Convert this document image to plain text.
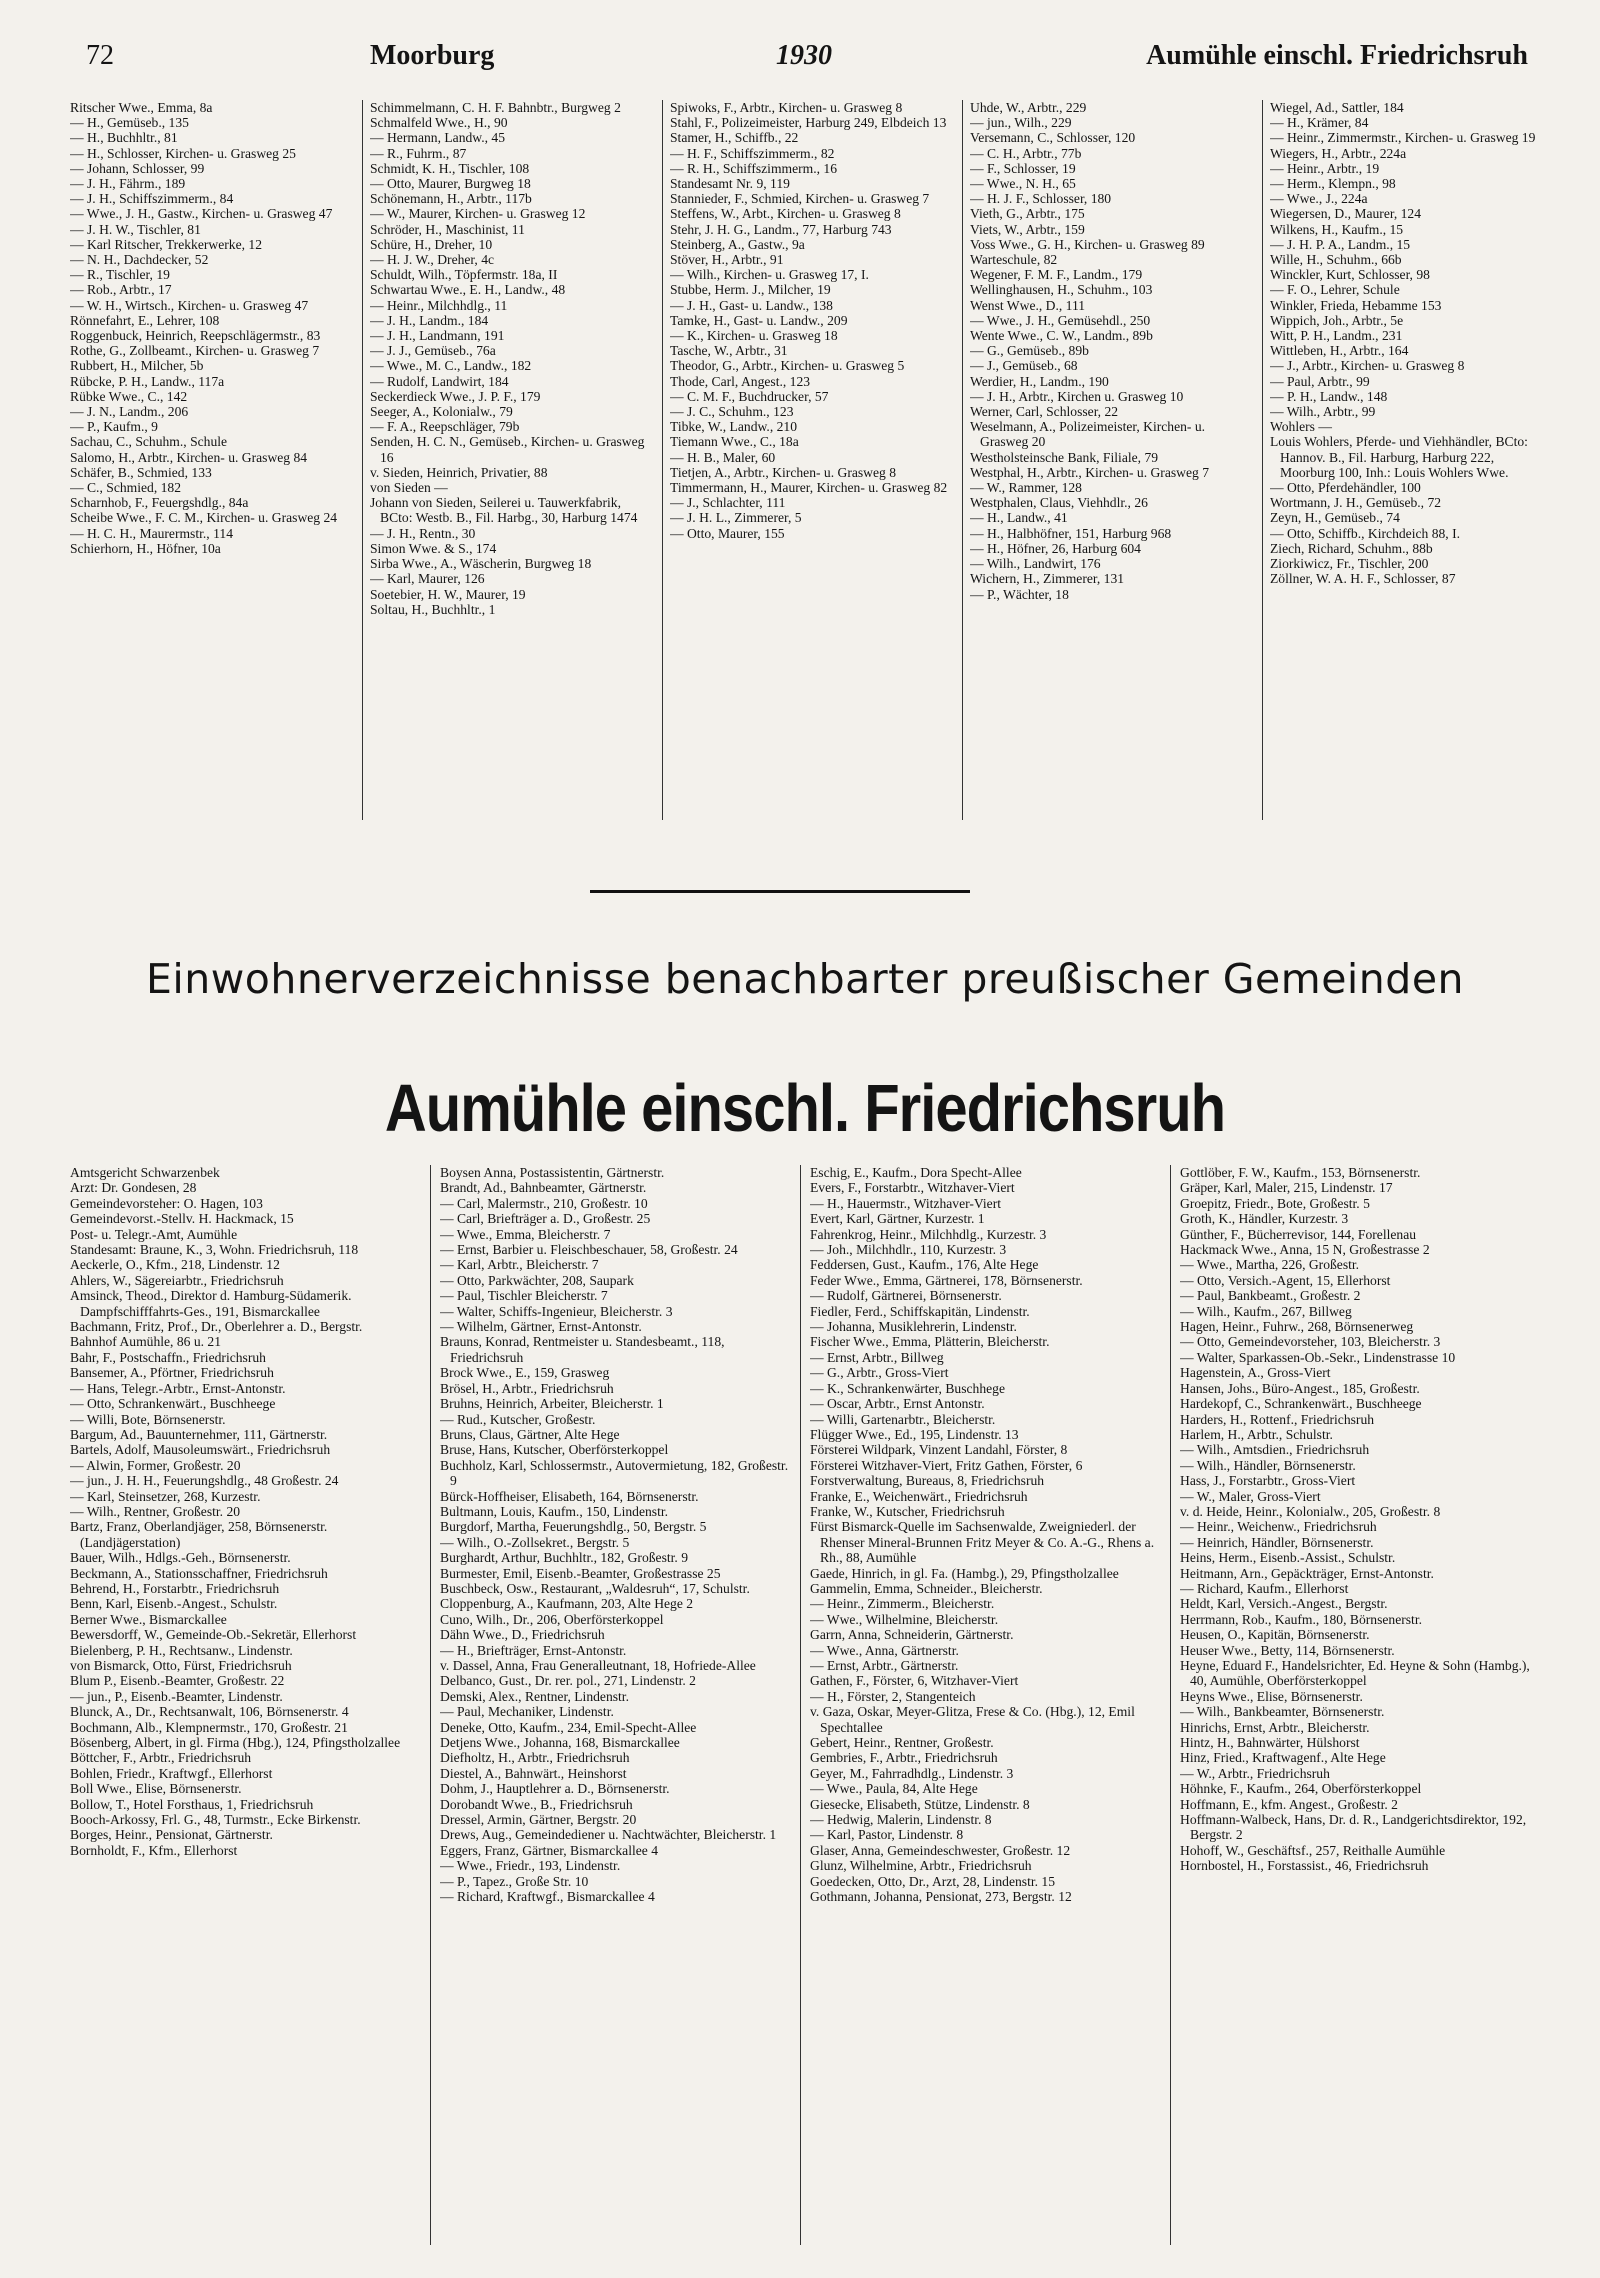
72	Moorburg	1930	Aumühle einschl. Friedrichsruh

Ritscher Wwe., Emma, 8a

— H., Gemüseb., 135

— H., Buchhltr., 81

— H., Schlosser, Kirchen- u. Grasweg 25

— Johann, Schlosser, 99

— J. H., Fährm., 189

— J. H., Schiffszimmerm., 84

— Wwe., J. H., Gastw., Kirchen- u. Grasweg 47

— J. H. W., Tischler, 81

— Karl Ritscher, Trekkerwerke, 12

— N. H., Dachdecker, 52

— R., Tischler, 19

— Rob., Arbtr., 17

— W. H., Wirtsch., Kirchen- u. Grasweg 47

Rönnefahrt, E., Lehrer, 108

Roggenbuck, Heinrich, Reepschlägermstr., 83

Rothe, G., Zollbeamt., Kirchen- u. Grasweg 7

Rubbert, H., Milcher, 5b

Rübcke, P. H., Landw., 117a

Rübke Wwe., C., 142

— J. N., Landm., 206

— P., Kaufm., 9

Sachau, C., Schuhm., Schule

Salomo, H., Arbtr., Kirchen- u. Grasweg 84

Schäfer, B., Schmied, 133

— C., Schmied, 182

Scharnhob, F., Feuergshdlg., 84a

Scheibe Wwe., F. C. M., Kirchen- u. Grasweg 24

— H. C. H., Maurermstr., 114

Schierhorn, H., Höfner, 10a

Schimmelmann, C. H. F. Bahnbtr., Burgweg 2

Schmalfeld Wwe., H., 90

— Hermann, Landw., 45

— R., Fuhrm., 87

Schmidt, K. H., Tischler, 108

— Otto, Maurer, Burgweg 18

Schönemann, H., Arbtr., 117b

— W., Maurer, Kirchen- u. Grasweg 12

Schröder, H., Maschinist, 11

Schüre, H., Dreher, 10

— H. J. W., Dreher, 4c

Schuldt, Wilh., Töpfermstr. 18a, II

Schwartau Wwe., E. H., Landw., 48

— Heinr., Milchhdlg., 11

— J. H., Landm., 184

— J. H., Landmann, 191

— J. J., Gemüseb., 76a

— Wwe., M. C., Landw., 182

— Rudolf, Landwirt, 184

Seckerdieck Wwe., J. P. F., 179

Seeger, A., Kolonialw., 79

— F. A., Reepschläger, 79b

Senden, H. C. N., Gemüseb., Kirchen- u. Grasweg 16

v. Sieden, Heinrich, Privatier, 88

von Sieden —

Johann von Sieden, Seilerei u. Tauwerkfabrik, BCto: Westb. B., Fil. Harbg., 30, Harburg 1474

— J. H., Rentn., 30

Simon Wwe. & S., 174

Sirba Wwe., A., Wäscherin, Burgweg 18

— Karl, Maurer, 126

Soetebier, H. W., Maurer, 19

Soltau, H., Buchhltr., 1

Spiwoks, F., Arbtr., Kirchen- u. Grasweg 8

Stahl, F., Polizeimeister, Harburg 249, Elbdeich 13

Stamer, H., Schiffb., 22

— H. F., Schiffszimmerm., 82

— R. H., Schiffszimmerm., 16

Standesamt Nr. 9, 119

Stannieder, F., Schmied, Kirchen- u. Grasweg 7

Steffens, W., Arbt., Kirchen- u. Grasweg 8

Stehr, J. H. G., Landm., 77, Harburg 743

Steinberg, A., Gastw., 9a

Stöver, H., Arbtr., 91

— Wilh., Kirchen- u. Grasweg 17, I.

Stubbe, Herm. J., Milcher, 19

— J. H., Gast- u. Landw., 138

Tamke, H., Gast- u. Landw., 209

— K., Kirchen- u. Grasweg 18

Tasche, W., Arbtr., 31

Theodor, G., Arbtr., Kirchen- u. Grasweg 5

Thode, Carl, Angest., 123

— C. M. F., Buchdrucker, 57

— J. C., Schuhm., 123

Tibke, W., Landw., 210

Tiemann Wwe., C., 18a

— H. B., Maler, 60

Tietjen, A., Arbtr., Kirchen- u. Grasweg 8

Timmermann, H., Maurer, Kirchen- u. Grasweg 82

— J., Schlachter, 111

— J. H. L., Zimmerer, 5

— Otto, Maurer, 155

Uhde, W., Arbtr., 229

— jun., Wilh., 229

Versemann, C., Schlosser, 120

— C. H., Arbtr., 77b

— F., Schlosser, 19

— Wwe., N. H., 65

— H. J. F., Schlosser, 180

Vieth, G., Arbtr., 175

Viets, W., Arbtr., 159

Voss Wwe., G. H., Kirchen- u. Grasweg 89

Warteschule, 82

Wegener, F. M. F., Landm., 179

Wellinghausen, H., Schuhm., 103

Wenst Wwe., D., 111

— Wwe., J. H., Gemüsehdl., 250

Wente Wwe., C. W., Landm., 89b

— G., Gemüseb., 89b

— J., Gemüseb., 68

Werdier, H., Landm., 190

— J. H., Arbtr., Kirchen u. Grasweg 10

Werner, Carl, Schlosser, 22

Weselmann, A., Polizeimeister, Kirchen- u. Grasweg 20

Westholsteinsche Bank, Filiale, 79

Westphal, H., Arbtr., Kirchen- u. Grasweg 7

— W., Rammer, 128

Westphalen, Claus, Viehhdlr., 26

— H., Landw., 41

— H., Halbhöfner, 151, Harburg 968

— H., Höfner, 26, Harburg 604

— Wilh., Landwirt, 176

Wichern, H., Zimmerer, 131

— P., Wächter, 18

Wiegel, Ad., Sattler, 184

— H., Krämer, 84

— Heinr., Zimmermstr., Kirchen- u. Grasweg 19

Wiegers, H., Arbtr., 224a

— Heinr., Arbtr., 19

— Herm., Klempn., 98

— Wwe., J., 224a

Wiegersen, D., Maurer, 124

Wilkens, H., Kaufm., 15

— J. H. P. A., Landm., 15

Wille, H., Schuhm., 66b

Winckler, Kurt, Schlosser, 98

— F. O., Lehrer, Schule

Winkler, Frieda, Hebamme 153

Wippich, Joh., Arbtr., 5e

Witt, P. H., Landm., 231

Wittleben, H., Arbtr., 164

— J., Arbtr., Kirchen- u. Grasweg 8

— Paul, Arbtr., 99

— P. H., Landw., 148

— Wilh., Arbtr., 99

Wohlers —

Louis Wohlers, Pferde- und Viehhändler, BCto: Hannov. B., Fil. Harburg, Harburg 222, Moorburg 100, Inh.: Louis Wohlers Wwe.

— Otto, Pferdehändler, 100

Wortmann, J. H., Gemüseb., 72

Zeyn, H., Gemüseb., 74

— Otto, Schiffb., Kirchdeich 88, I.

Ziech, Richard, Schuhm., 88b

Ziorkiwicz, Fr., Tischler, 200

Zöllner, W. A. H. F., Schlosser, 87

Einwohnerverzeichnisse benachbarter preußischer Gemeinden
Aumühle einschl. Friedrichsruh

Amtsgericht Schwarzenbek

Arzt: Dr. Gondesen, 28

Gemeindevorsteher: O. Hagen, 103

Gemeindevorst.-Stellv. H. Hackmack, 15

Post- u. Telegr.-Amt, Aumühle

Standesamt: Braune, K., 3, Wohn. Friedrichsruh, 118

Aeckerle, O., Kfm., 218, Lindenstr. 12

Ahlers, W., Sägereiarbtr., Friedrichsruh

Amsinck, Theod., Direktor d. Hamburg-Südamerik. Dampfschifffahrts-Ges., 191, Bismarckallee

Bachmann, Fritz, Prof., Dr., Oberlehrer a. D., Bergstr.

Bahnhof Aumühle, 86 u. 21

Bahr, F., Postschaffn., Friedrichsruh

Bansemer, A., Pförtner, Friedrichsruh

— Hans, Telegr.-Arbtr., Ernst-Antonstr.

— Otto, Schrankenwärt., Buschheege

— Willi, Bote, Börnsenerstr.

Bargum, Ad., Bauunternehmer, 111, Gärtnerstr.

Bartels, Adolf, Mausoleumswärt., Friedrichsruh

— Alwin, Former, Großestr. 20

— jun., J. H. H., Feuerungshdlg., 48 Großestr. 24

— Karl, Steinsetzer, 268, Kurzestr.

— Wilh., Rentner, Großestr. 20

Bartz, Franz, Oberlandjäger, 258, Börnsenerstr. (Landjägerstation)

Bauer, Wilh., Hdlgs.-Geh., Börnsenerstr.

Beckmann, A., Stationsschaffner, Friedrichsruh

Behrend, H., Forstarbtr., Friedrichsruh

Benn, Karl, Eisenb.-Angest., Schulstr.

Berner Wwe., Bismarckallee

Bewersdorff, W., Gemeinde-Ob.-Sekretär, Ellerhorst

Bielenberg, P. H., Rechtsanw., Lindenstr.

von Bismarck, Otto, Fürst, Friedrichsruh

Blum P., Eisenb.-Beamter, Großestr. 22

— jun., P., Eisenb.-Beamter, Lindenstr.

Blunck, A., Dr., Rechtsanwalt, 106, Börnsenerstr. 4

Bochmann, Alb., Klempnermstr., 170, Großestr. 21

Bösenberg, Albert, in gl. Firma (Hbg.), 124, Pfingstholzallee

Böttcher, F., Arbtr., Friedrichsruh

Bohlen, Friedr., Kraftwgf., Ellerhorst

Boll Wwe., Elise, Börnsenerstr.

Bollow, T., Hotel Forsthaus, 1, Friedrichsruh

Booch-Arkossy, Frl. G., 48, Turmstr., Ecke Birkenstr.

Borges, Heinr., Pensionat, Gärtnerstr.

Bornholdt, F., Kfm., Ellerhorst

Boysen Anna, Postassistentin, Gärtnerstr.

Brandt, Ad., Bahnbeamter, Gärtnerstr.

— Carl, Malermstr., 210, Großestr. 10

— Carl, Briefträger a. D., Großestr. 25

— Wwe., Emma, Bleicherstr. 7

— Ernst, Barbier u. Fleischbeschauer, 58, Großestr. 24

— Karl, Arbtr., Bleicherstr. 7

— Otto, Parkwächter, 208, Saupark

— Paul, Tischler Bleicherstr. 7

— Walter, Schiffs-Ingenieur, Bleicherstr. 3

— Wilhelm, Gärtner, Ernst-Antonstr.

Brauns, Konrad, Rentmeister u. Standesbeamt., 118, Friedrichsruh

Brock Wwe., E., 159, Grasweg

Brösel, H., Arbtr., Friedrichsruh

Bruhns, Heinrich, Arbeiter, Bleicherstr. 1

— Rud., Kutscher, Großestr.

Bruns, Claus, Gärtner, Alte Hege

Bruse, Hans, Kutscher, Oberförsterkoppel

Buchholz, Karl, Schlossermstr., Autovermietung, 182, Großestr. 9

Bürck-Hoffheiser, Elisabeth, 164, Börnsenerstr.

Bultmann, Louis, Kaufm., 150, Lindenstr.

Burgdorf, Martha, Feuerungshdlg., 50, Bergstr. 5

— Wilh., O.-Zollsekret., Bergstr. 5

Burghardt, Arthur, Buchhltr., 182, Großestr. 9

Burmester, Emil, Eisenb.-Beamter, Großestrasse 25

Buschbeck, Osw., Restaurant, „Waldesruh“, 17, Schulstr.

Cloppenburg, A., Kaufmann, 203, Alte Hege 2

Cuno, Wilh., Dr., 206, Oberförsterkoppel

Dähn Wwe., D., Friedrichsruh

— H., Briefträger, Ernst-Antonstr.

v. Dassel, Anna, Frau Generalleutnant, 18, Hofriede-Allee

Delbanco, Gust., Dr. rer. pol., 271, Lindenstr. 2

Demski, Alex., Rentner, Lindenstr.

— Paul, Mechaniker, Lindenstr.

Deneke, Otto, Kaufm., 234, Emil-Specht-Allee

Detjens Wwe., Johanna, 168, Bismarckallee

Diefholtz, H., Arbtr., Friedrichsruh

Diestel, A., Bahnwärt., Heinshorst

Dohm, J., Hauptlehrer a. D., Börnsenerstr.

Dorobandt Wwe., B., Friedrichsruh

Dressel, Armin, Gärtner, Bergstr. 20

Drews, Aug., Gemeindediener u. Nachtwächter, Bleicherstr. 1

Eggers, Franz, Gärtner, Bismarckallee 4

— Wwe., Friedr., 193, Lindenstr.

— P., Tapez., Große Str. 10

— Richard, Kraftwgf., Bismarckallee 4

Eschig, E., Kaufm., Dora Specht-Allee

Evers, F., Forstarbtr., Witzhaver-Viert

— H., Hauermstr., Witzhaver-Viert

Evert, Karl, Gärtner, Kurzestr. 1

Fahrenkrog, Heinr., Milchhdlg., Kurzestr. 3

— Joh., Milchhdlr., 110, Kurzestr. 3

Feddersen, Gust., Kaufm., 176, Alte Hege

Feder Wwe., Emma, Gärtnerei, 178, Börnsenerstr.

— Rudolf, Gärtnerei, Börnsenerstr.

Fiedler, Ferd., Schiffskapitän, Lindenstr.

— Johanna, Musiklehrerin, Lindenstr.

Fischer Wwe., Emma, Plätterin, Bleicherstr.

— Ernst, Arbtr., Billweg

— G., Arbtr., Gross-Viert

— K., Schrankenwärter, Buschhege

— Oscar, Arbtr., Ernst Antonstr.

— Willi, Gartenarbtr., Bleicherstr.

Flügger Wwe., Ed., 195, Lindenstr. 13

Försterei Wildpark, Vinzent Landahl, Förster, 8

Försterei Witzhaver-Viert, Fritz Gathen, Förster, 6

Forstverwaltung, Bureaus, 8, Friedrichsruh

Franke, E., Weichenwärt., Friedrichsruh

Franke, W., Kutscher, Friedrichsruh

Fürst Bismarck-Quelle im Sachsenwalde, Zweigniederl. der Rhenser Mineral-Brunnen Fritz Meyer & Co. A.-G., Rhens a. Rh., 88, Aumühle

Gaede, Hinrich, in gl. Fa. (Hambg.), 29, Pfingstholzallee

Gammelin, Emma, Schneider., Bleicherstr.

— Heinr., Zimmerm., Bleicherstr.

— Wwe., Wilhelmine, Bleicherstr.

Garrn, Anna, Schneiderin, Gärtnerstr.

— Wwe., Anna, Gärtnerstr.

— Ernst, Arbtr., Gärtnerstr.

Gathen, F., Förster, 6, Witzhaver-Viert

— H., Förster, 2, Stangenteich

v. Gaza, Oskar, Meyer-Glitza, Frese & Co. (Hbg.), 12, Emil Spechtallee

Gebert, Heinr., Rentner, Großestr.

Gembries, F., Arbtr., Friedrichsruh

Geyer, M., Fahrradhdlg., Lindenstr. 3

— Wwe., Paula, 84, Alte Hege

Giesecke, Elisabeth, Stütze, Lindenstr. 8

— Hedwig, Malerin, Lindenstr. 8

— Karl, Pastor, Lindenstr. 8

Glaser, Anna, Gemeindeschwester, Großestr. 12

Glunz, Wilhelmine, Arbtr., Friedrichsruh

Goedecken, Otto, Dr., Arzt, 28, Lindenstr. 15

Gothmann, Johanna, Pensionat, 273, Bergstr. 12

Gottlöber, F. W., Kaufm., 153, Börnsenerstr.

Gräper, Karl, Maler, 215, Lindenstr. 17

Groepitz, Friedr., Bote, Großestr. 5

Groth, K., Händler, Kurzestr. 3

Günther, F., Bücherrevisor, 144, Forellenau

Hackmack Wwe., Anna, 15 N, Großestrasse 2

— Wwe., Martha, 226, Großestr.

— Otto, Versich.-Agent, 15, Ellerhorst

— Paul, Bankbeamt., Großestr. 2

— Wilh., Kaufm., 267, Billweg

Hagen, Heinr., Fuhrw., 268, Börnsenerweg

— Otto, Gemeindevorsteher, 103, Bleicherstr. 3

— Walter, Sparkassen-Ob.-Sekr., Lindenstrasse 10

Hagenstein, A., Gross-Viert

Hansen, Johs., Büro-Angest., 185, Großestr.

Hardekopf, C., Schrankenwärt., Buschheege

Harders, H., Rottenf., Friedrichsruh

Harlem, H., Arbtr., Schulstr.

— Wilh., Amtsdien., Friedrichsruh

— Wilh., Händler, Börnsenerstr.

Hass, J., Forstarbtr., Gross-Viert

— W., Maler, Gross-Viert

v. d. Heide, Heinr., Kolonialw., 205, Großestr. 8

— Heinr., Weichenw., Friedrichsruh

— Heinrich, Händler, Börnsenerstr.

Heins, Herm., Eisenb.-Assist., Schulstr.

Heitmann, Arn., Gepäckträger, Ernst-Antonstr.

— Richard, Kaufm., Ellerhorst

Heldt, Karl, Versich.-Angest., Bergstr.

Herrmann, Rob., Kaufm., 180, Börnsenerstr.

Heusen, O., Kapitän, Börnsenerstr.

Heuser Wwe., Betty, 114, Börnsenerstr.

Heyne, Eduard F., Handelsrichter, Ed. Heyne & Sohn (Hambg.), 40, Aumühle, Oberförsterkoppel

Heyns Wwe., Elise, Börnsenerstr.

— Wilh., Bankbeamter, Börnsenerstr.

Hinrichs, Ernst, Arbtr., Bleicherstr.

Hintz, H., Bahnwärter, Hülshorst

Hinz, Fried., Kraftwagenf., Alte Hege

— W., Arbtr., Friedrichsruh

Höhnke, F., Kaufm., 264, Oberförsterkoppel

Hoffmann, E., kfm. Angest., Großestr. 2

Hoffmann-Walbeck, Hans, Dr. d. R., Landgerichtsdirektor, 192, Bergstr. 2

Hohoff, W., Geschäftsf., 257, Reithalle Aumühle

Hornbostel, H., Forstassist., 46, Friedrichsruh
